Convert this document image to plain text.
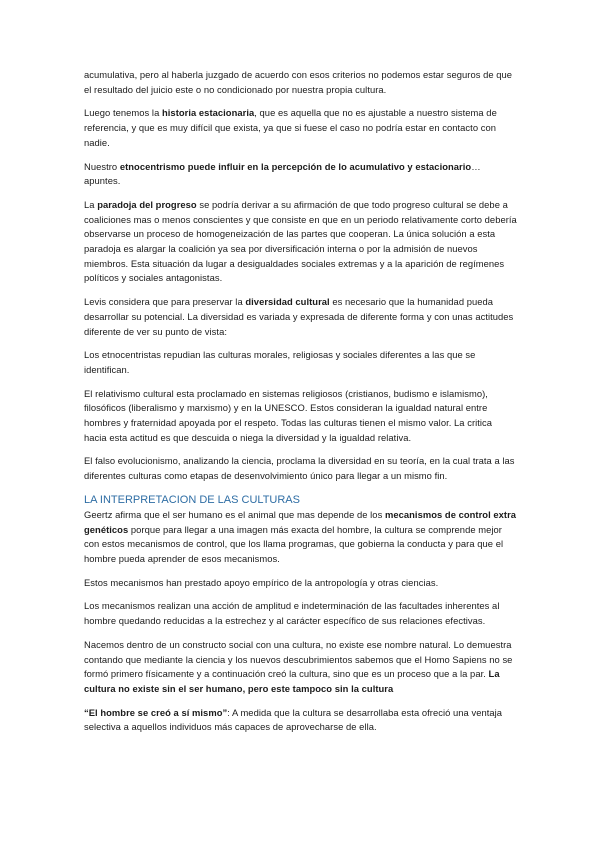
acumulativa, pero al haberla juzgado de acuerdo con esos criterios no podemos estar seguros de que el resultado del juicio este o no condicionado por nuestra propia cultura.

Luego tenemos la historia estacionaria, que es aquella que no es ajustable a nuestro sistema de referencia, y que es muy difícil que exista, ya que si fuese el caso no podría estar en contacto con nadie.

Nuestro etnocentrismo puede influir en la percepción de lo acumulativo y estacionario… apuntes.

La paradoja del progreso se podría derivar a su afirmación de que todo progreso cultural se debe a coaliciones mas o menos conscientes y que consiste en que en un periodo relativamente corto debería observarse un proceso de homogeneización de las partes que cooperan. La única solución a esta paradoja es alargar la coalición ya sea por diversificación interna o por la admisión de nuevos miembros. Esta situación da lugar a desigualdades sociales extremas y a la aparición de regímenes políticos y sociales antagonistas.

Levis considera que para preservar la diversidad cultural es necesario que la humanidad pueda desarrollar su potencial. La diversidad es variada y expresada de diferente forma y con unas actitudes diferente de ver su punto de vista:

Los etnocentristas repudian las culturas morales, religiosas y sociales diferentes a las que se identifican.

El relativismo cultural esta proclamado en sistemas religiosos (cristianos, budismo e islamismo), filosóficos (liberalismo y marxismo) y en la UNESCO. Estos consideran la igualdad natural entre hombres y fraternidad apoyada por el respeto. Todas las culturas tienen el mismo valor. La critica hacia esta actitud es que descuida o niega la diversidad y la igualdad relativa.

El falso evolucionismo, analizando la ciencia, proclama la diversidad en su teoría, en la cual trata a las diferentes culturas como etapas de desenvolvimiento único para llegar a un mismo fin.

LA INTERPRETACION DE LAS CULTURAS

Geertz afirma que el ser humano es el animal que mas depende de los mecanismos de control extra genéticos porque para llegar a una imagen más exacta del hombre, la cultura se comprende mejor con estos mecanismos de control, que los llama programas, que gobierna la conducta y para que el hombre pueda aprender de esos mecanismos.

Estos mecanismos han prestado apoyo empírico de la antropología y otras ciencias.

Los mecanismos realizan una acción de amplitud e indeterminación de las facultades inherentes al hombre quedando reducidas a la estrechez y al carácter específico de sus relaciones efectivas.

Nacemos dentro de un constructo social con una cultura, no existe ese nombre natural. Lo demuestra contando que mediante la ciencia y los nuevos descubrimientos sabemos que el Homo Sapiens no se formó primero físicamente y a continuación creó la cultura, sino que es un proceso que a la par. La cultura no existe sin el ser humano, pero este tampoco sin la cultura

“El hombre se creó a sí mismo”: A medida que la cultura se desarrollaba esta ofreció una ventaja selectiva a aquellos individuos más capaces de aprovecharse de ella.
